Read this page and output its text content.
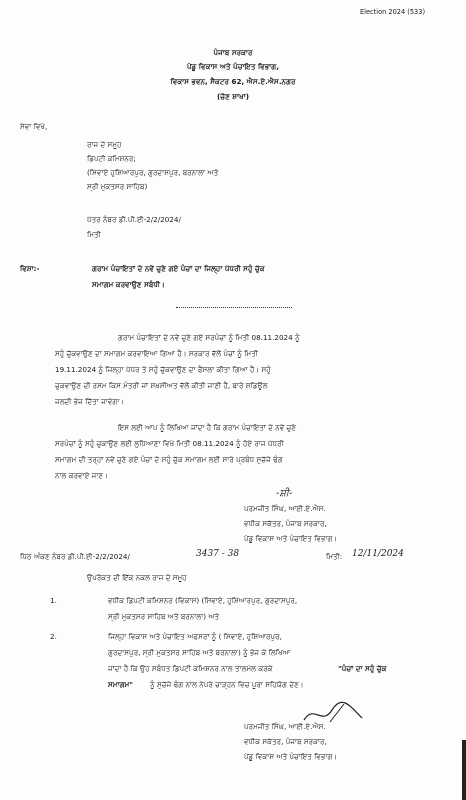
Election 2024 (533)
ਪੰਜਾਬ ਸਰਕਾਰ
ਪੇਂਡੂ ਵਿਕਾਸ ਅਤੇ ਪੰਚਾਇਤ ਵਿਭਾਗ,
ਵਿਕਾਸ ਭਵਨ, ਸੈਕਟਰ 62, ਐਸ.ਏ.ਐਸ.ਨਗਰ
(ਚੋਣ ਸ਼ਾਖਾ)
ਸੇਵਾ ਵਿਖੇ,
ਰਾਜ ਦੇ ਸਮੂਹ
ਡਿਪਟੀ ਕਮਿਸ਼ਨਰ;
(ਸਿਵਾਏ ਹੁਸ਼ਿਆਰਪੁਰ, ਗੁਰਦਾਸਪੁਰ, ਬਰਨਾਲਾ ਅਤੇ
ਸ੍ਰੀ ਮੁਕਤਸਰ ਸਾਹਿਬ)
ਪੱਤਰ ਨੰਬਰ ਡੀ.ਪੀ.ਈ-2/2/2024/
ਮਿਤੀ
ਵਿਸ਼ਾ:-	ਗਰਾਮ ਪੰਚਾਇਤਾਂ ਦੇ ਨਵੇਂ ਚੁਣੇ ਗਏ ਪੰਚਾਂ ਦਾ ਜਿਲ੍ਹਾ ਪੱਧਰੀ ਸਹੁੰ ਚੁੱਕ
ਸਮਾਗਮ ਕਰਵਾਉਣ ਸਬੰਧੀ।
ਗਰਾਮ ਪੰਚਾਇਤਾਂ ਦੇ ਨਵੇਂ ਚੁਣੇ ਗਏ ਸਰਪੰਚਾਂ ਨੂੰ ਮਿਤੀ 08.11.2024 ਨੂੰ
ਸਹੁੰ ਚੁੱਕਵਾਉਣ ਦਾ ਸਮਾਗਮ ਕਰਵਾਇਆ ਗਿਆ ਹੈ। ਸਰਕਾਰ ਵੱਲੋਂ ਪੰਚਾਂ ਨੂੰ ਮਿਤੀ
19.11.2024 ਨੂੰ ਜਿਲ੍ਹਾ ਪੱਧਰ ਤੇ ਸਹੁੰ ਚੁੱਕਵਾਉਣ ਦਾ ਫੈਸਲਾ ਕੀਤਾ ਗਿਆ ਹੈ। ਸਹੁੰ
ਚੁਕਵਾਉਣ ਦੀ ਰਸਮ ਕਿਸ ਮੰਤਰੀ ਜਾਂ ਸ਼ਖ਼ਸੀਅਤ ਵੱਲੋਂ ਕੀਤੀ ਜਾਣੀ ਹੈ, ਬਾਰੇ ਸ਼ਡਿਊਲ
ਜਲਦੀ ਭੇਜ ਦਿੱਤਾ ਜਾਵੇਗਾ।
ਇਸ ਲਈ ਆਪ ਨੂੰ ਲਿਖਿਆ ਜਾਂਦਾ ਹੈ ਕਿ ਗਰਾਮ ਪੰਚਾਇਤਾਂ ਦੇ ਨਵੇਂ ਚੁਣੇ
ਸਰਪੰਚਾਂ ਨੂੰ ਸਹੁੰ ਚੁਕਾਉਣ ਲਈ ਲੁਧਿਆਣਾ ਵਿਖੇ ਮਿਤੀ 08.11.2024 ਨੂੰ ਹੋਏ ਰਾਜ ਪੱਧਰੀ
ਸਮਾਗਮ ਦੀ ਤਰ੍ਹਾਂ ਨਵੇਂ ਚੁਣੇ ਗਏ ਪੰਚਾਂ ਦੇ ਸਹੁੰ ਚੁੱਕ ਸਮਾਗਮ ਲਈ ਸਾਰੇ ਪ੍ਰਬੰਧ ਸੁਚੱਜੇ ਢੰਗ
ਨਾਲ ਕਰਵਾਏ ਜਾਣ।
-ਸ਼ੀ-
ਪਰਮਜੀਤ ਸਿੰਘ, ਆਈ.ਏ.ਐਸ.
ਵਧੀਕ ਸਕੱਤਰ, ਪੰਜਾਬ ਸਰਕਾਰ,
ਪੇਂਡੂ ਵਿਕਾਸ ਅਤੇ ਪੰਚਾਇਤ ਵਿਭਾਗ।
ਪਿੱਠ ਅੰਕਣ ਨੰਬਰ ਡੀ.ਪੀ.ਈ-2/2/2024/	3437 - 38	ਮਿਤੀ: 12/11/2024
ਉਪਰੋਕਤ ਦੀ ਇੱਕ ਨਕਲ ਰਾਜ ਦੇ ਸਮੂਹ
1.	ਵਧੀਕ ਡਿਪਟੀ ਕਮਿਸ਼ਨਰ (ਵਿਕਾਸ) (ਸਿਵਾਏ, ਹੁਸ਼ਿਆਰਪੁਰ, ਗੁਰਦਾਸਪੁਰ,
ਸ੍ਰੀ ਮੁਕਤਸਰ ਸਾਹਿਬ ਅਤੇ ਬਰਨਾਲਾ) ਅਤੇ
2.	ਜਿਲ੍ਹਾ ਵਿਕਾਸ ਅਤੇ ਪੰਚਾਇਤ ਅਫਸਰਾਂ ਨੂੰ ( ਸਿਵਾਏ, ਹੁਸ਼ਿਆਰਪੁਰ,
ਗੁਰਦਾਸਪੁਰ, ਸ੍ਰੀ ਮੁਕਤਸਰ ਸਾਹਿਬ ਅਤੇ ਬਰਨਾਲਾ) ਨੂੰ ਭੇਜ ਕੇ ਲਿਖਿਆ
ਜਾਂਦਾ ਹੈ ਕਿ ਉਹ ਸਬੰਧਤ ਡਿਪਟੀ ਕਮਿਸ਼ਨਰ ਨਾਲ ਤਾਲਮੇਲ ਕਰਕੇ	"ਪੰਚਾਂ ਦਾ ਸਹੁੰ ਚੁੱਕ
ਸਮਾਗਮ" ਨੂੰ ਸੁਚੱਜੇ ਢੰਗ ਨਾਲ ਨੇਪਰੇ ਚਾੜ੍ਹਨ ਵਿਚ ਪੂਰਾ ਸਹਿਯੋਗ ਦੇਣ।
ਪਰਮਜੀਤ ਸਿੰਘ, ਆਈ.ਏ.ਐਸ.
ਵਧੀਕ ਸਕੱਤਰ, ਪੰਜਾਬ ਸਰਕਾਰ,
ਪੇਂਡੂ ਵਿਕਾਸ ਅਤੇ ਪੰਚਾਇਤ ਵਿਭਾਗ।
